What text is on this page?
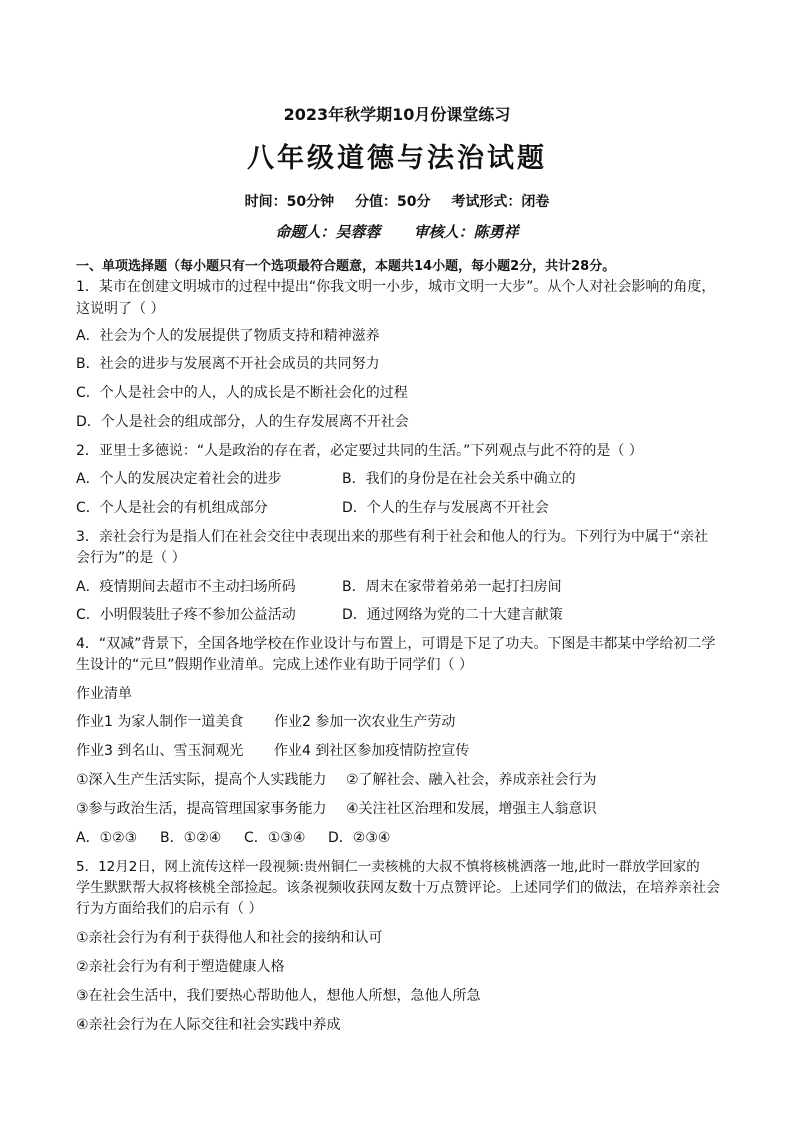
2023年秋学期10月份课堂练习
八年级道德与法治试题
时间：50分钟 分值：50分 考试形式：闭卷
命题人：吴蓉蓉 审核人：陈勇祥
一、单项选择题（每小题只有一个选项最符合题意，本题共14小题，每小题2分，共计28分。
1．某市在创建文明城市的过程中提出“你我文明一小步，城市文明一大步”。从个人对社会影响的角度，
这说明了（ ）
A．社会为个人的发展提供了物质支持和精神滋养
B．社会的进步与发展离不开社会成员的共同努力
C．个人是社会中的人，人的成长是不断社会化的过程
D．个人是社会的组成部分，人的生存发展离不开社会
2．亚里士多德说：“人是政治的存在者，必定要过共同的生活。”下列观点与此不符的是（ ）
A．个人的发展决定着社会的进步	B．我们的身份是在社会关系中确立的
C．个人是社会的有机组成部分	D．个人的生存与发展离不开社会
3．亲社会行为是指人们在社会交往中表现出来的那些有利于社会和他人的行为。下列行为中属于“亲社
会行为”的是（ ）
A．疫情期间去超市不主动扫场所码	B．周末在家带着弟弟一起打扫房间
C．小明假装肚子疼不参加公益活动	D．通过网络为党的二十大建言献策
4．“双减”背景下，全国各地学校在作业设计与布置上，可谓是下足了功夫。下图是丰都某中学给初二学
生设计的“元旦”假期作业清单。完成上述作业有助于同学们（ ）
作业清单
作业1 为家人制作一道美食 作业2 参加一次农业生产劳动
作业3 到名山、雪玉洞观光 作业4 到社区参加疫情防控宣传
①深入生产生活实际，提高个人实践能力 ②了解社会、融入社会，养成亲社会行为
③参与政治生活，提高管理国家事务能力 ④关注社区治理和发展，增强主人翁意识
A．①②③ B．①②④ C．①③④ D．②③④
5．12月2日，网上流传这样一段视频:贵州铜仁一卖核桃的大叔不慎将核桃洒落一地,此时一群放学回家的
学生默默帮大叔将核桃全部捡起。该条视频收获网友数十万点赞评论。上述同学们的做法，在培养亲社会
行为方面给我们的启示有（ ）
①亲社会行为有利于获得他人和社会的接纳和认可
②亲社会行为有利于塑造健康人格
③在社会生活中，我们要热心帮助他人，想他人所想，急他人所急
④亲社会行为在人际交往和社会实践中养成
